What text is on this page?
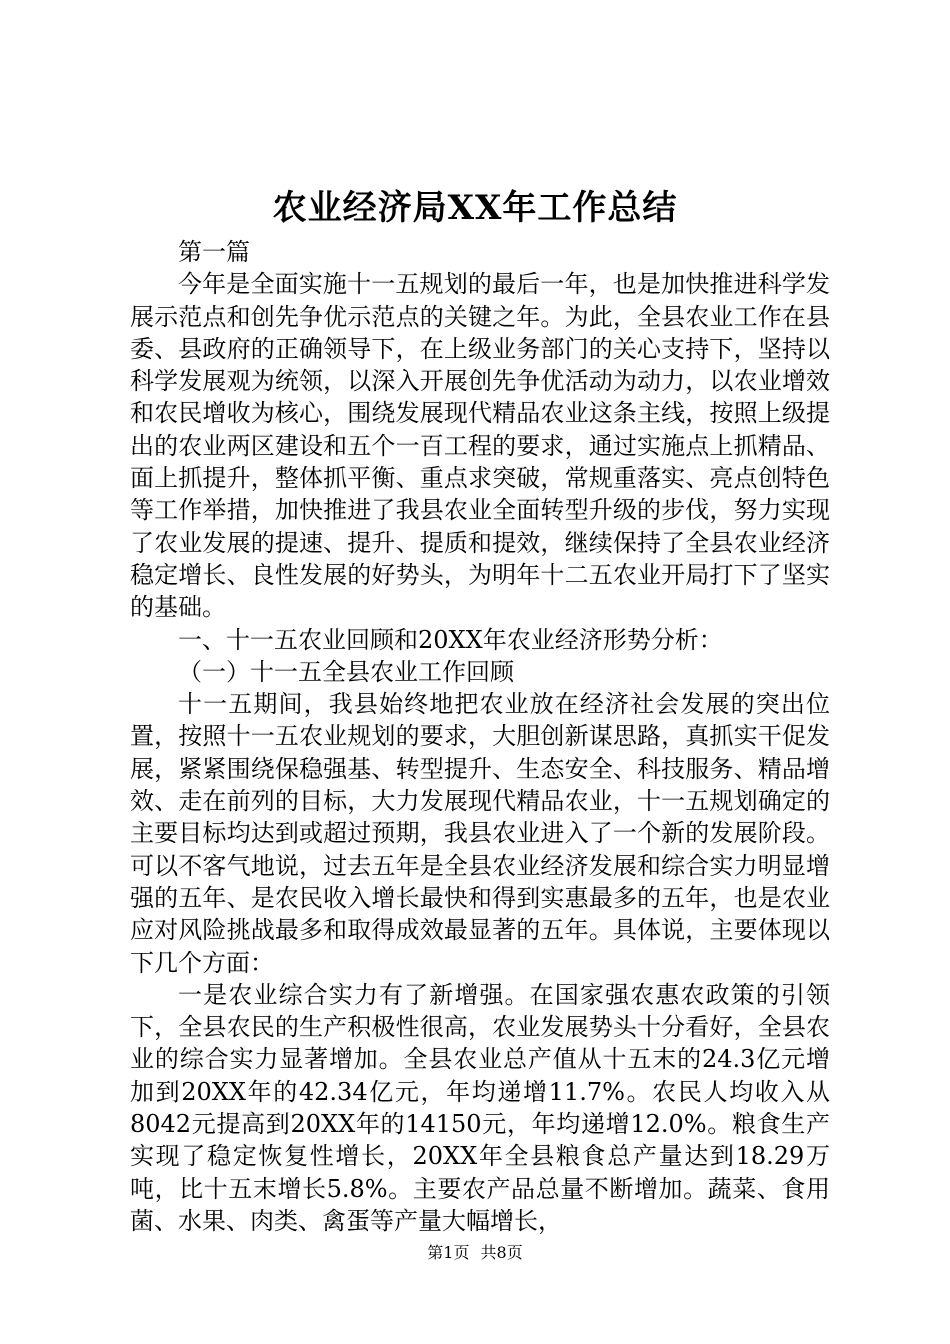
农业经济局XX年工作总结

第一篇

今年是全面实施十一五规划的最后一年，也是加快推进科学发展示范点和创先争优示范点的关键之年。为此，全县农业工作在县委、县政府的正确领导下，在上级业务部门的关心支持下，坚持以科学发展观为统领，以深入开展创先争优活动为动力，以农业增效和农民增收为核心，围绕发展现代精品农业这条主线，按照上级提出的农业两区建设和五个一百工程的要求，通过实施点上抓精品、面上抓提升，整体抓平衡、重点求突破，常规重落实、亮点创特色等工作举措，加快推进了我县农业全面转型升级的步伐，努力实现了农业发展的提速、提升、提质和提效，继续保持了全县农业经济稳定增长、良性发展的好势头，为明年十二五农业开局打下了坚实的基础。

一、十一五农业回顾和20XX年农业经济形势分析：

（一）十一五全县农业工作回顾

十一五期间，我县始终地把农业放在经济社会发展的突出位置，按照十一五农业规划的要求，大胆创新谋思路，真抓实干促发展，紧紧围绕保稳强基、转型提升、生态安全、科技服务、精品增效、走在前列的目标，大力发展现代精品农业，十一五规划确定的主要目标均达到或超过预期，我县农业进入了一个新的发展阶段。可以不客气地说，过去五年是全县农业经济发展和综合实力明显增强的五年、是农民收入增长最快和得到实惠最多的五年，也是农业应对风险挑战最多和取得成效最显著的五年。具体说，主要体现以下几个方面：

一是农业综合实力有了新增强。在国家强农惠农政策的引领下，全县农民的生产积极性很高，农业发展势头十分看好，全县农业的综合实力显著增加。全县农业总产值从十五末的24.3亿元增加到20XX年的42.34亿元，年均递增11.7%。农民人均收入从8042元提高到20XX年的14150元，年均递增12.0%。粮食生产实现了稳定恢复性增长，20XX年全县粮食总产量达到18.29万吨，比十五末增长5.8%。主要农产品总量不断增加。蔬菜、食用菌、水果、肉类、禽蛋等产量大幅增长，

第1页 共8页
